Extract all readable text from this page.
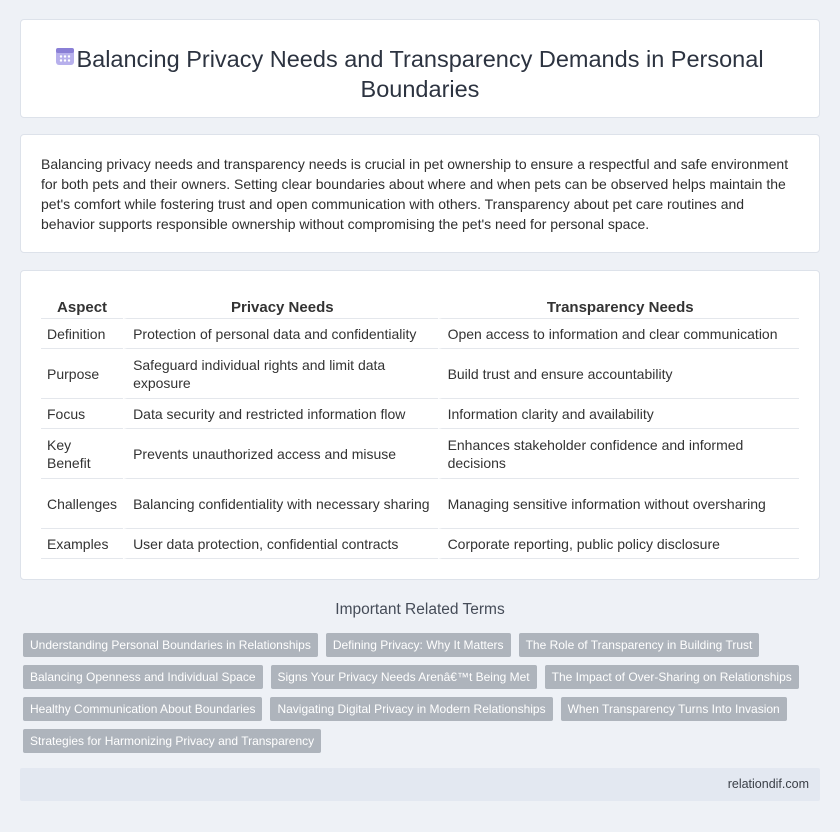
Balancing Privacy Needs and Transparency Demands in Personal Boundaries

Balancing privacy needs and transparency needs is crucial in pet ownership to ensure a respectful and safe environment for both pets and their owners. Setting clear boundaries about where and when pets can be observed helps maintain the pet's comfort while fostering trust and open communication with others. Transparency about pet care routines and behavior supports responsible ownership without compromising the pet's need for personal space.

Aspect	Privacy Needs	Transparency Needs
Definition	Protection of personal data and confidentiality	Open access to information and clear communication
Purpose	Safeguard individual rights and limit data exposure	Build trust and ensure accountability
Focus	Data security and restricted information flow	Information clarity and availability
Key Benefit	Prevents unauthorized access and misuse	Enhances stakeholder confidence and informed decisions
Challenges	Balancing confidentiality with necessary sharing	Managing sensitive information without oversharing
Examples	User data protection, confidential contracts	Corporate reporting, public policy disclosure
Important Related Terms
Understanding Personal Boundaries in Relationships	Defining Privacy: Why It Matters	The Role of Transparency in Building Trust
Balancing Openness and Individual Space	Signs Your Privacy Needs Arenâ€™t Being Met	The Impact of Over-Sharing on Relationships
Healthy Communication About Boundaries	Navigating Digital Privacy in Modern Relationships	When Transparency Turns Into Invasion
Strategies for Harmonizing Privacy and Transparency
relationdif.com
